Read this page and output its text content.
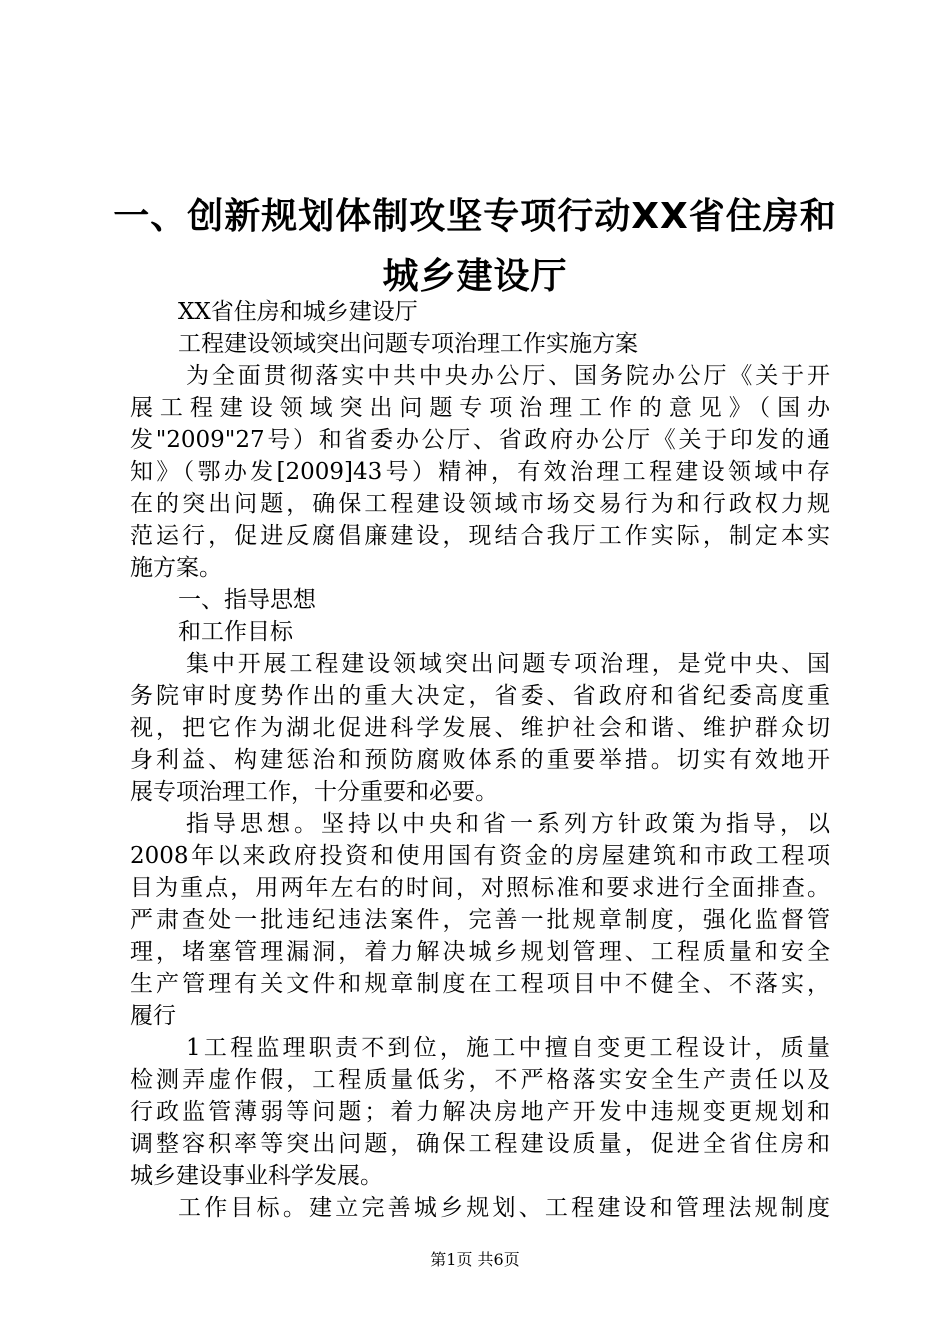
一、创新规划体制攻坚专项行动XX省住房和
城乡建设厅
XX省住房和城乡建设厅
工程建设领域突出问题专项治理工作实施方案
为全面贯彻落实中共中央办公厅、国务院办公厅《关于开
展工程建设领域突出问题专项治理工作的意见》（国办
发"2009"27号）和省委办公厅、省政府办公厅《关于印发的通
知》（鄂办发[2009]43号）精神，有效治理工程建设领域中存
在的突出问题，确保工程建设领域市场交易行为和行政权力规
范运行，促进反腐倡廉建设，现结合我厅工作实际，制定本实
施方案。
一、指导思想
和工作目标
集中开展工程建设领域突出问题专项治理，是党中央、国
务院审时度势作出的重大决定，省委、省政府和省纪委高度重
视，把它作为湖北促进科学发展、维护社会和谐、维护群众切
身利益、构建惩治和预防腐败体系的重要举措。切实有效地开
展专项治理工作，十分重要和必要。
指导思想。坚持以中央和省一系列方针政策为指导，以
2008年以来政府投资和使用国有资金的房屋建筑和市政工程项
目为重点，用两年左右的时间，对照标准和要求进行全面排查。
严肃查处一批违纪违法案件，完善一批规章制度，强化监督管
理，堵塞管理漏洞，着力解决城乡规划管理、工程质量和安全
生产管理有关文件和规章制度在工程项目中不健全、不落实，
履行
1工程监理职责不到位，施工中擅自变更工程设计，质量
检测弄虚作假，工程质量低劣，不严格落实安全生产责任以及
行政监管薄弱等问题；着力解决房地产开发中违规变更规划和
调整容积率等突出问题，确保工程建设质量，促进全省住房和
城乡建设事业科学发展。
工作目标。建立完善城乡规划、工程建设和管理法规制度
第1页 共6页
